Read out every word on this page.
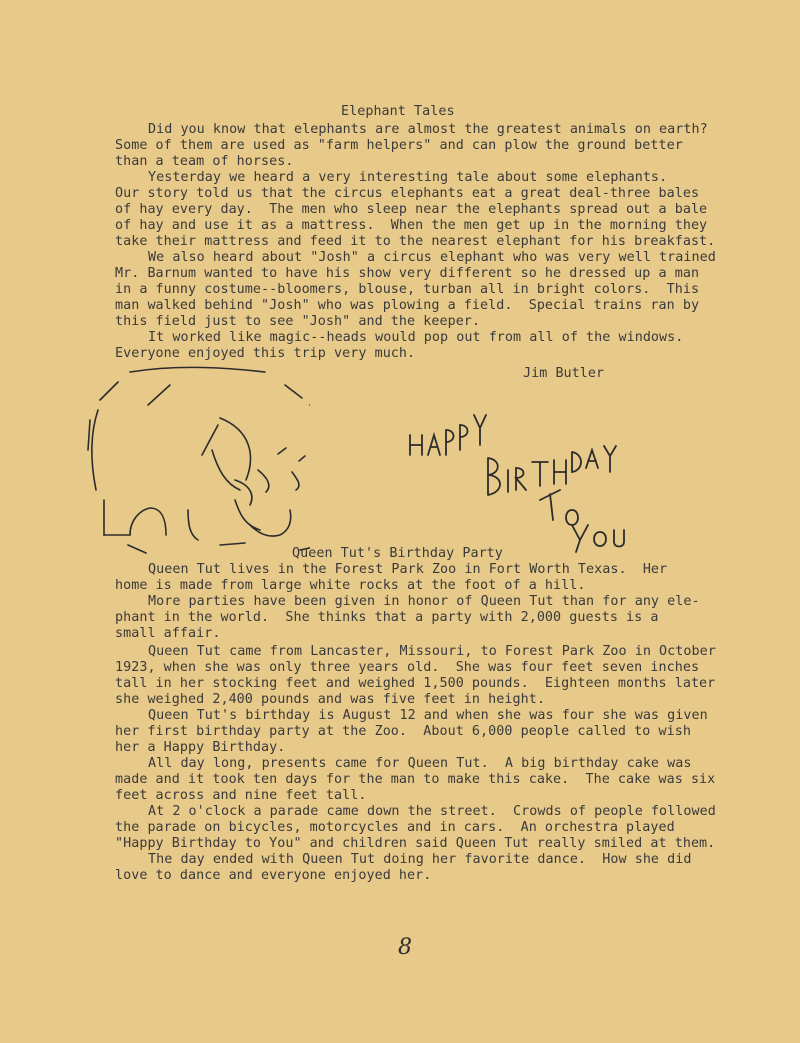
Elephant Tales
Did you know that elephants are almost the greatest animals on earth?
Some of them are used as "farm helpers" and can plow the ground better
than a team of horses.
Yesterday we heard a very interesting tale about some elephants.
Our story told us that the circus elephants eat a great deal-three bales
of hay every day.  The men who sleep near the elephants spread out a bale
of hay and use it as a mattress.  When the men get up in the morning they
take their mattress and feed it to the nearest elephant for his breakfast.
We also heard about "Josh" a circus elephant who was very well trained
Mr. Barnum wanted to have his show very different so he dressed up a man
in a funny costume--bloomers, blouse, turban all in bright colors.  This
man walked behind "Josh" who was plowing a field.  Special trains ran by
this field just to see "Josh" and the keeper.
It worked like magic--heads would pop out from all of the windows.
Everyone enjoyed this trip very much.
Jim Butler
Queen Tut's Birthday Party
Queen Tut lives in the Forest Park Zoo in Fort Worth Texas.  Her
home is made from large white rocks at the foot of a hill.
More parties have been given in honor of Queen Tut than for any ele-
phant in the world.  She thinks that a party with 2,000 guests is a
small affair.
Queen Tut came from Lancaster, Missouri, to Forest Park Zoo in October
1923, when she was only three years old.  She was four feet seven inches
tall in her stocking feet and weighed 1,500 pounds.  Eighteen months later
she weighed 2,400 pounds and was five feet in height.
Queen Tut's birthday is August 12 and when she was four she was given
her first birthday party at the Zoo.  About 6,000 people called to wish
her a Happy Birthday.
All day long, presents came for Queen Tut.  A big birthday cake was
made and it took ten days for the man to make this cake.  The cake was six
feet across and nine feet tall.
At 2 o'clock a parade came down the street.  Crowds of people followed
the parade on bicycles, motorcycles and in cars.  An orchestra played
"Happy Birthday to You" and children said Queen Tut really smiled at them.
The day ended with Queen Tut doing her favorite dance.  How she did
love to dance and everyone enjoyed her.
8
